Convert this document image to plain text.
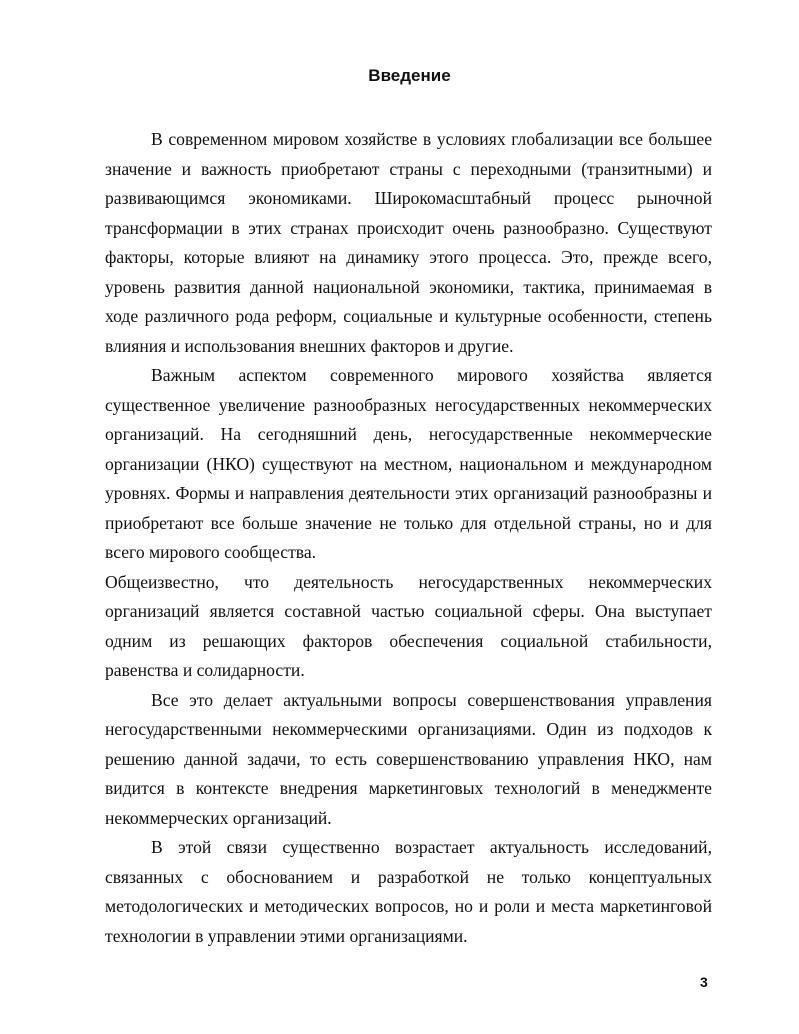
Введение

В современном мировом хозяйстве в условиях глобализации все большее значение и важность приобретают страны с переходными (транзитными) и развивающимся экономиками. Широкомасштабный процесс рыночной трансформации в этих странах происходит очень разнообразно. Существуют факторы, которые влияют на динамику этого процесса. Это, прежде всего, уровень развития данной национальной экономики, тактика, принимаемая в ходе различного рода реформ, социальные и культурные особенности, степень влияния и использования внешних факторов и другие.

Важным аспектом современного мирового хозяйства является существенное увеличение разнообразных негосударственных некоммерческих организаций. На сегодняшний день, негосударственные некоммерческие организации (НКО) существуют на местном, национальном и международном уровнях. Формы и направления деятельности этих организаций разнообразны и приобретают все больше значение не только для отдельной страны, но и для всего мирового сообщества.

Общеизвестно, что деятельность негосударственных некоммерческих организаций является составной частью социальной сферы. Она выступает одним из решающих факторов обеспечения социальной стабильности, равенства и солидарности.

Все это делает актуальными вопросы совершенствования управления негосударственными некоммерческими организациями. Один из подходов к решению данной задачи, то есть совершенствованию управления НКО, нам видится в контексте внедрения маркетинговых технологий в менеджменте некоммерческих организаций.

В этой связи существенно возрастает актуальность исследований, связанных с обоснованием и разработкой не только концептуальных методологических и методических вопросов, но и роли и места маркетинговой технологии в управлении этими организациями.

3
